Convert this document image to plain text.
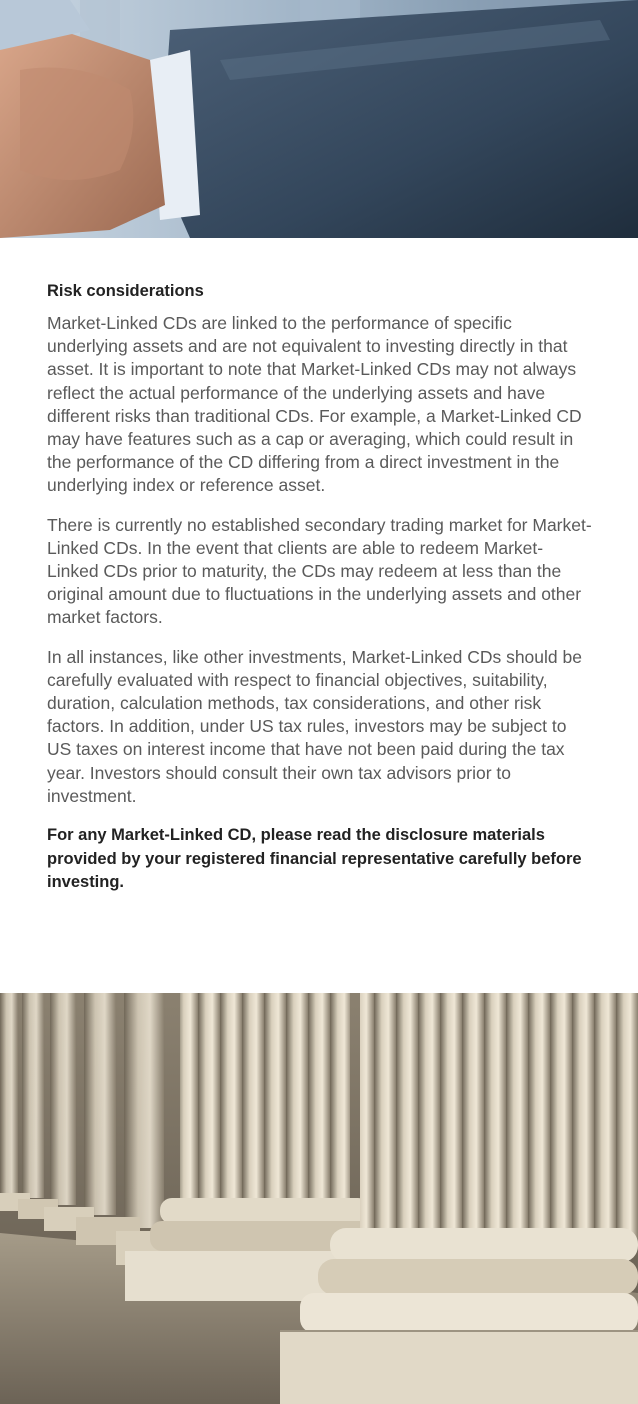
Risk considerations

Market-Linked CDs are linked to the performance of specific underlying assets and are not equivalent to investing directly in that asset. It is important to note that Market-Linked CDs may not always reflect the actual performance of the underlying assets and have different risks than traditional CDs. For example, a Market-Linked CD may have features such as a cap or averaging, which could result in the performance of the CD differing from a direct investment in the underlying index or reference asset.

There is currently no established secondary trading market for Market-Linked CDs. In the event that clients are able to redeem Market-Linked CDs prior to maturity, the CDs may redeem at less than the original amount due to fluctuations in the underlying assets and other market factors.

In all instances, like other investments, Market-Linked CDs should be carefully evaluated with respect to financial objectives, suitability, duration, calculation methods, tax considerations, and other risk factors. In addition, under US tax rules, investors may be subject to US taxes on interest income that have not been paid during the tax year. Investors should consult their own tax advisors prior to investment.

For any Market-Linked CD, please read the disclosure materials provided by your registered financial representative carefully before investing.
